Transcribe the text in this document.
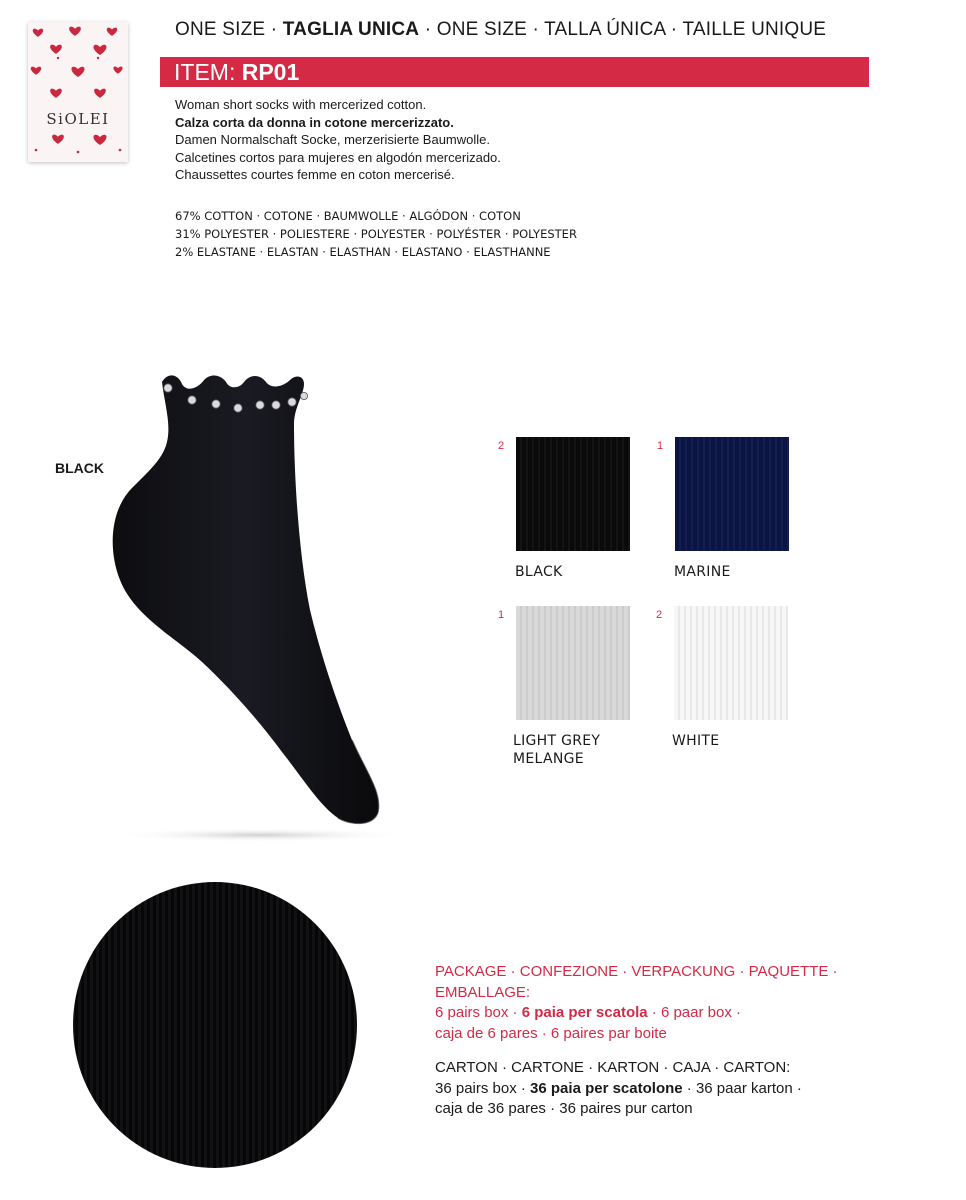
SiOLEI
ONE SIZE · TAGLIA UNICA · ONE SIZE · TALLA ÚNICA · TAILLE UNIQUE
ITEM: RP01
Woman short socks with mercerized cotton.
Calza corta da donna in cotone mercerizzato.
Damen Normalschaft Socke, merzerisierte Baumwolle.
Calcetines cortos para mujeres en algodón mercerizado.
Chaussettes courtes femme en coton mercerisé.
67% COTTON · COTONE · BAUMWOLLE · ALGÓDON · COTON
31% POLYESTER · POLIESTERE · POLYESTER · POLYÉSTER · POLYESTER
2% ELASTANE · ELASTAN · ELASTHAN · ELASTANO · ELASTHANNE
BLACK
2
BLACK
1
MARINE
1
LIGHT GREY
MELANGE
2
WHITE
PACKAGE · CONFEZIONE · VERPACKUNG · PAQUETTE ·
EMBALLAGE:
6 pairs box · 6 paia per scatola · 6 paar box ·
caja de 6 pares · 6 paires par boite
CARTON · CARTONE · KARTON · CAJA · CARTON:
36 pairs box · 36 paia per scatolone · 36 paar karton ·
caja de 36 pares · 36 paires pur carton
